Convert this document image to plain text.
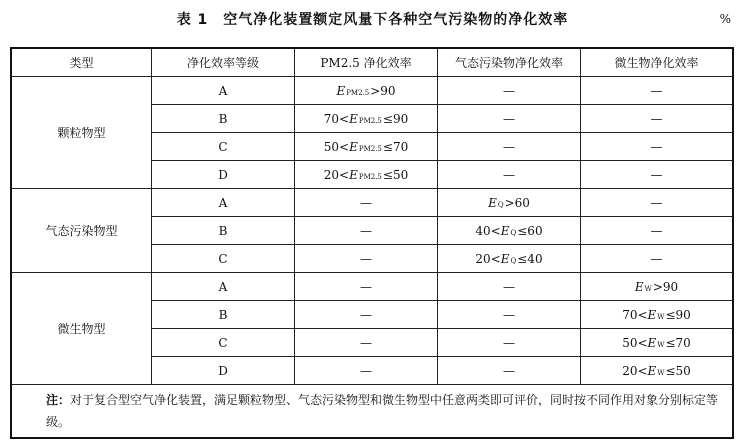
表 1　空气净化装置额定风量下各种空气污染物的净化效率	%
类型	净化效率等级	PM2.5 净化效率	气态污染物净化效率	微生物净化效率
颗粒物型	A	EPM2.5>90	—	—
	B	70<EPM2.5≤90	—	—
	C	50<EPM2.5≤70	—	—
	D	20<EPM2.5≤50	—	—
气态污染物型	A	—	EQ>60	—
	B	—	40<EQ≤60	—
	C	—	20<EQ≤40	—
微生物型	A	—	—	EW>90
	B	—	—	70<EW≤90
	C	—	—	50<EW≤70
	D	—	—	20<EW≤50
注：对于复合型空气净化装置，满足颗粒物型、气态污染物型和微生物型中任意两类即可评价，同时按不同作用对象分别标定等级。				
